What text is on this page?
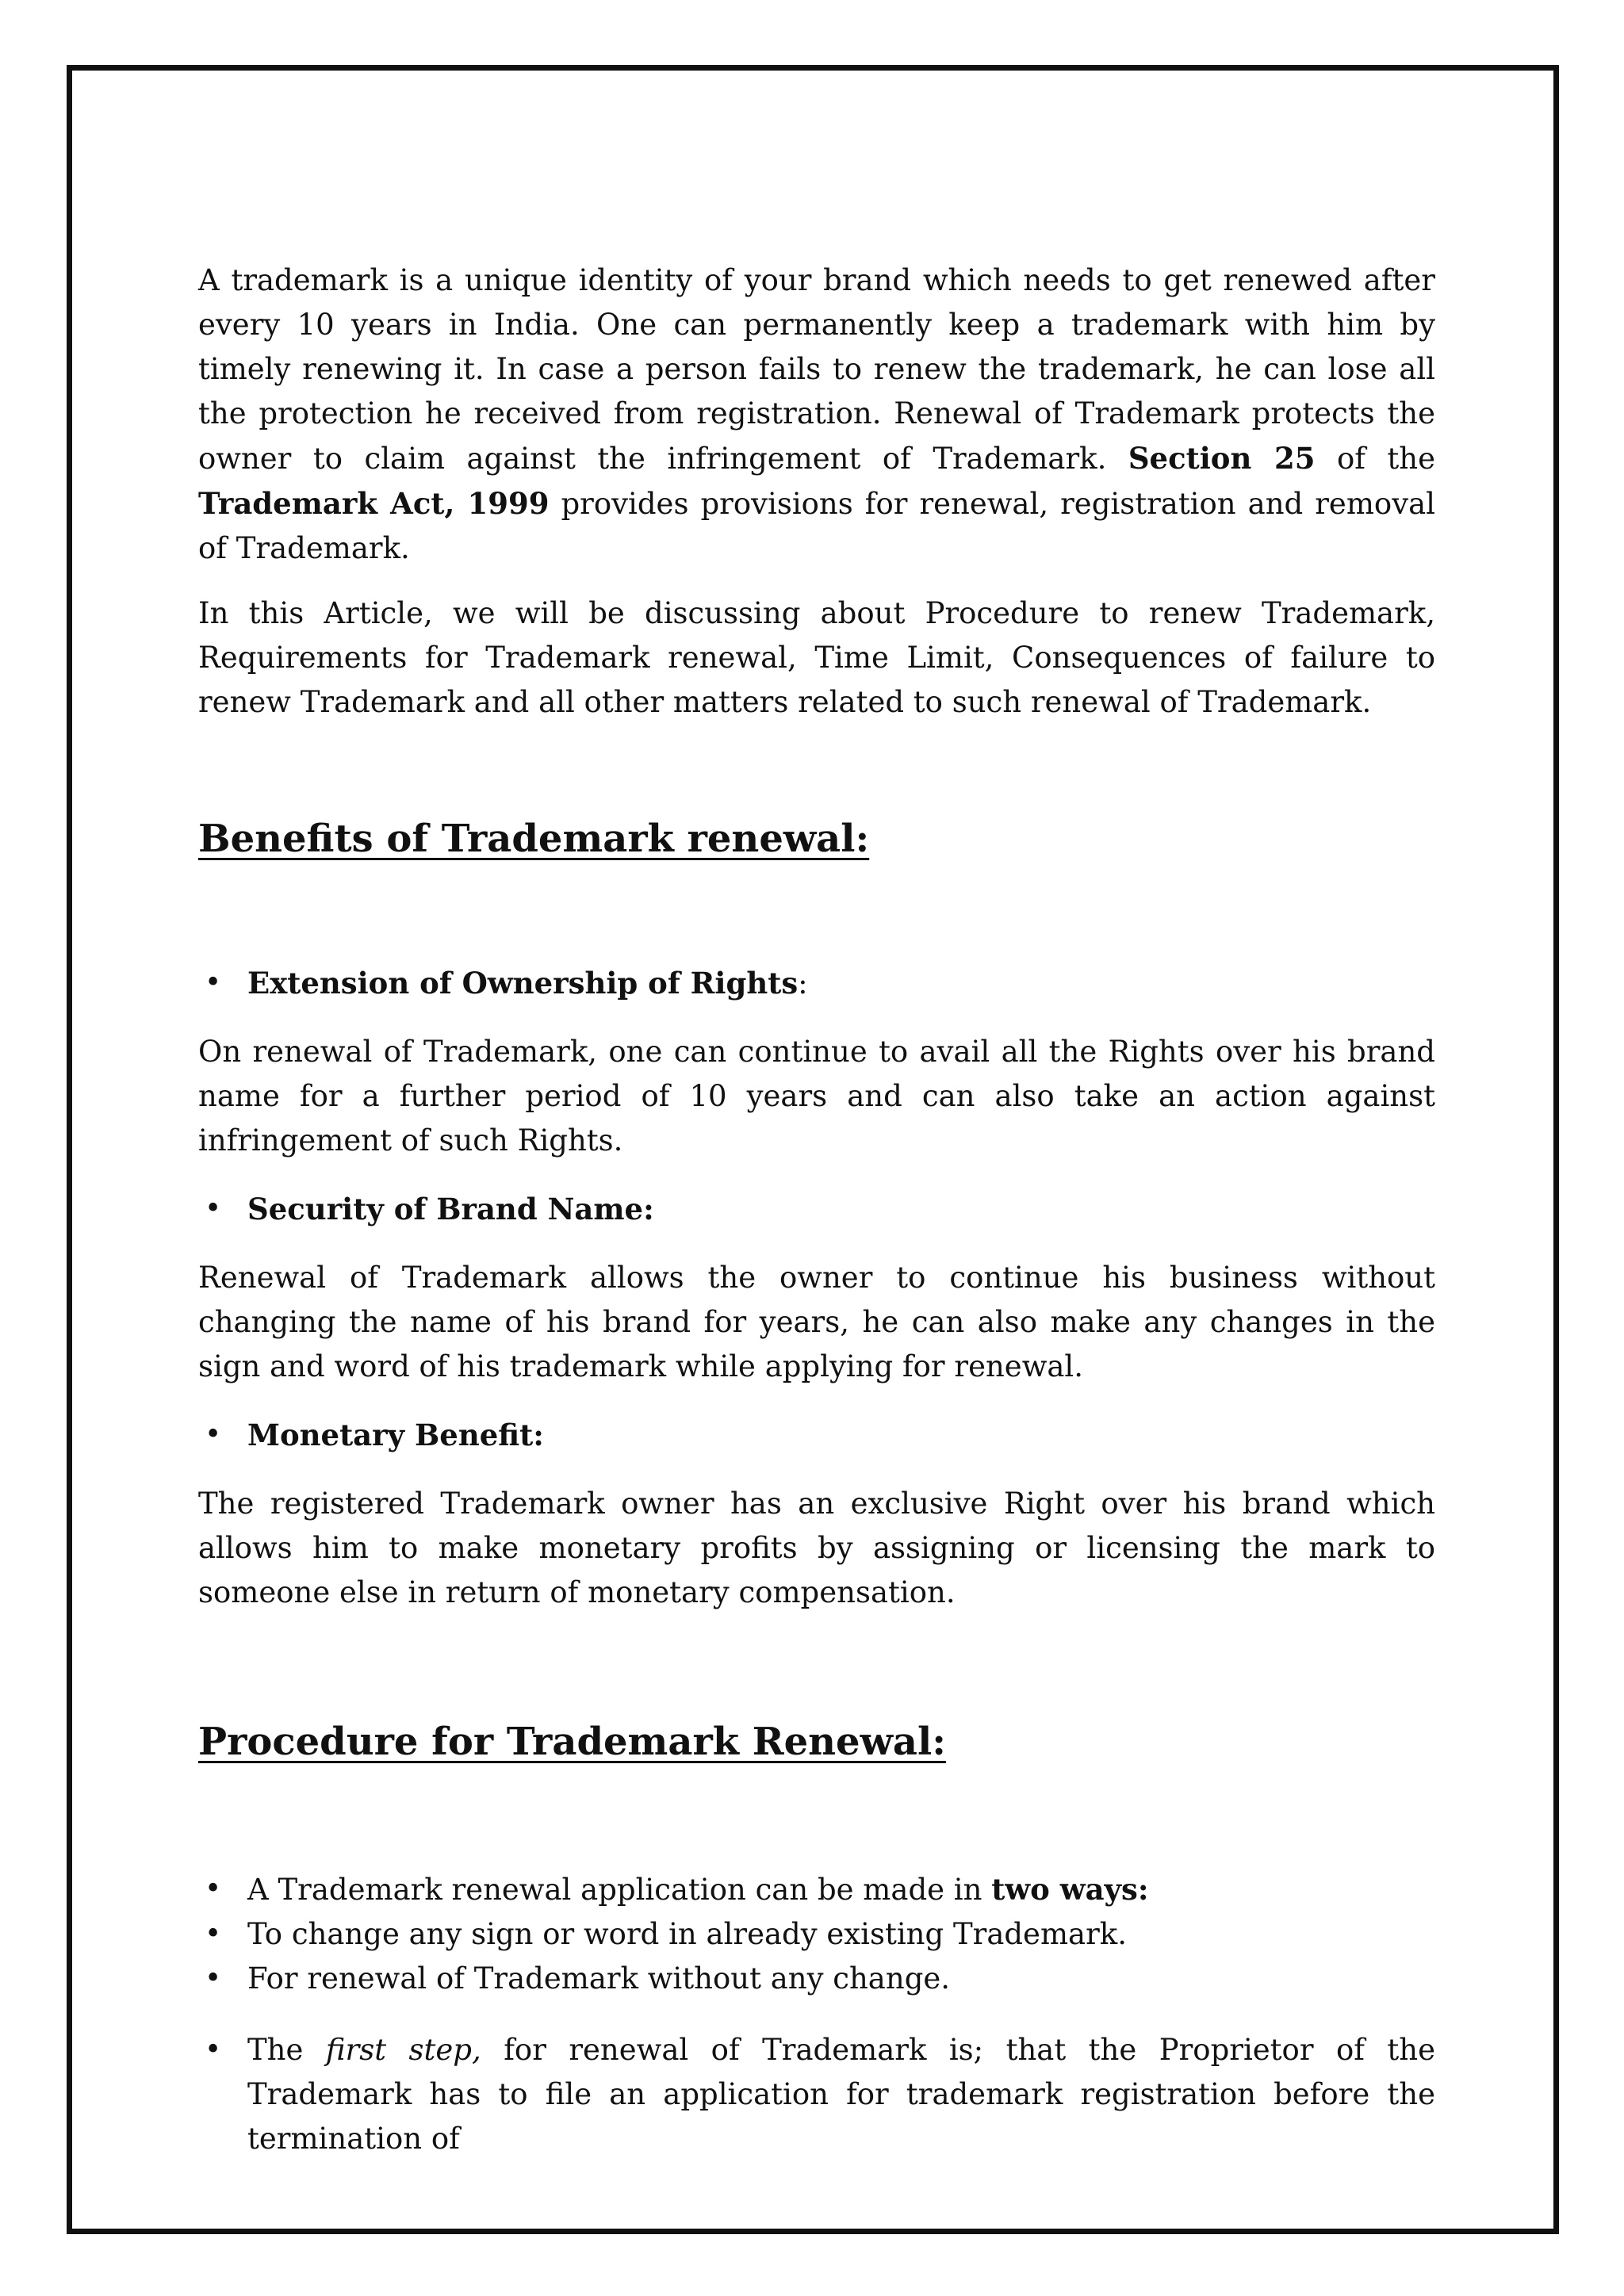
A trademark is a unique identity of your brand which needs to get renewed after every 10 years in India. One can permanently keep a trademark with him by timely renewing it. In case a person fails to renew the trademark, he can lose all the protection he received from registration. Renewal of Trademark protects the owner to claim against the infringement of Trademark. Section 25 of the Trademark Act, 1999 provides provisions for renewal, registration and removal of Trademark.

In this Article, we will be discussing about Procedure to renew Trademark, Requirements for Trademark renewal, Time Limit, Consequences of failure to renew Trademark and all other matters related to such renewal of Trademark.

Benefits of Trademark renewal:

• Extension of Ownership of Rights:

On renewal of Trademark, one can continue to avail all the Rights over his brand name for a further period of 10 years and can also take an action against infringement of such Rights.

• Security of Brand Name:

Renewal of Trademark allows the owner to continue his business without changing the name of his brand for years, he can also make any changes in the sign and word of his trademark while applying for renewal.

• Monetary Benefit:

The registered Trademark owner has an exclusive Right over his brand which allows him to make monetary profits by assigning or licensing the mark to someone else in return of monetary compensation.

Procedure for Trademark Renewal:

• A Trademark renewal application can be made in two ways:

• To change any sign or word in already existing Trademark.

• For renewal of Trademark without any change.

• The first step, for renewal of Trademark is; that the Proprietor of the Trademark has to file an application for trademark registration before the termination of
